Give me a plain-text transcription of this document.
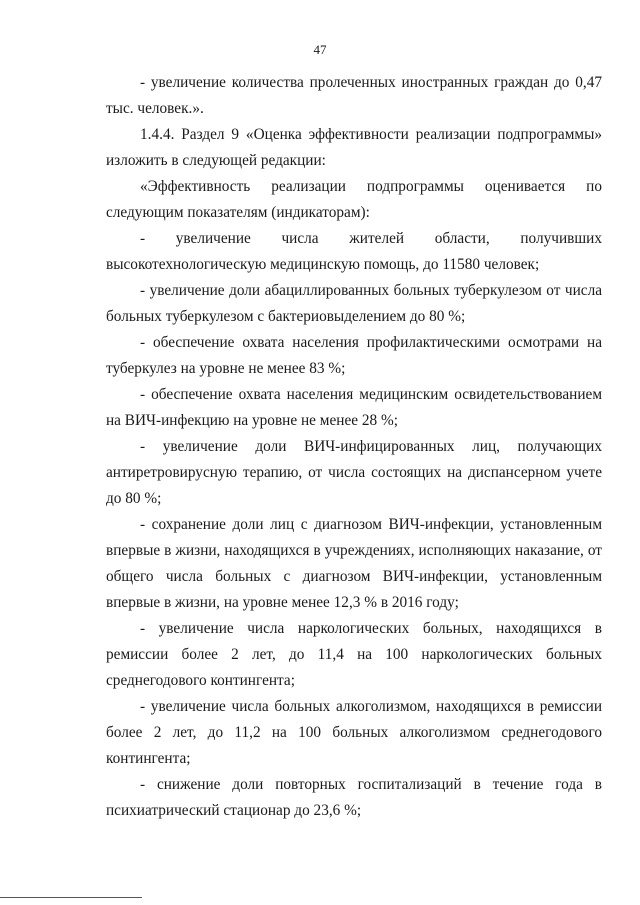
47

- увеличение количества пролеченных иностранных граждан до 0,47 тыс. человек.».

1.4.4. Раздел 9 «Оценка эффективности реализации подпрограммы» изложить в следующей редакции:

«Эффективность реализации подпрограммы оценивается по следующим показателям (индикаторам):

- увеличение числа жителей области, получивших высокотехнологическую медицинскую помощь, до 11580 человек;

- увеличение доли абациллированных больных туберкулезом от числа больных туберкулезом с бактериовыделением до 80 %;

- обеспечение охвата населения профилактическими осмотрами на туберкулез на уровне не менее 83 %;

- обеспечение охвата населения медицинским освидетельствованием на ВИЧ-инфекцию на уровне не менее 28 %;

- увеличение доли ВИЧ-инфицированных лиц, получающих антиретровирусную терапию, от числа состоящих на диспансерном учете до 80 %;

- сохранение доли лиц с диагнозом ВИЧ-инфекции, установленным впервые в жизни, находящихся в учреждениях, исполняющих наказание, от общего числа больных с диагнозом ВИЧ-инфекции, установленным впервые в жизни, на уровне менее 12,3 % в 2016 году;

- увеличение числа наркологических больных, находящихся в ремиссии более 2 лет, до 11,4 на 100 наркологических больных среднегодового контингента;

- увеличение числа больных алкоголизмом, находящихся в ремиссии более 2 лет, до 11,2 на 100 больных алкоголизмом среднегодового контингента;

- снижение доли повторных госпитализаций в течение года в психиатрический стационар до 23,6 %;
